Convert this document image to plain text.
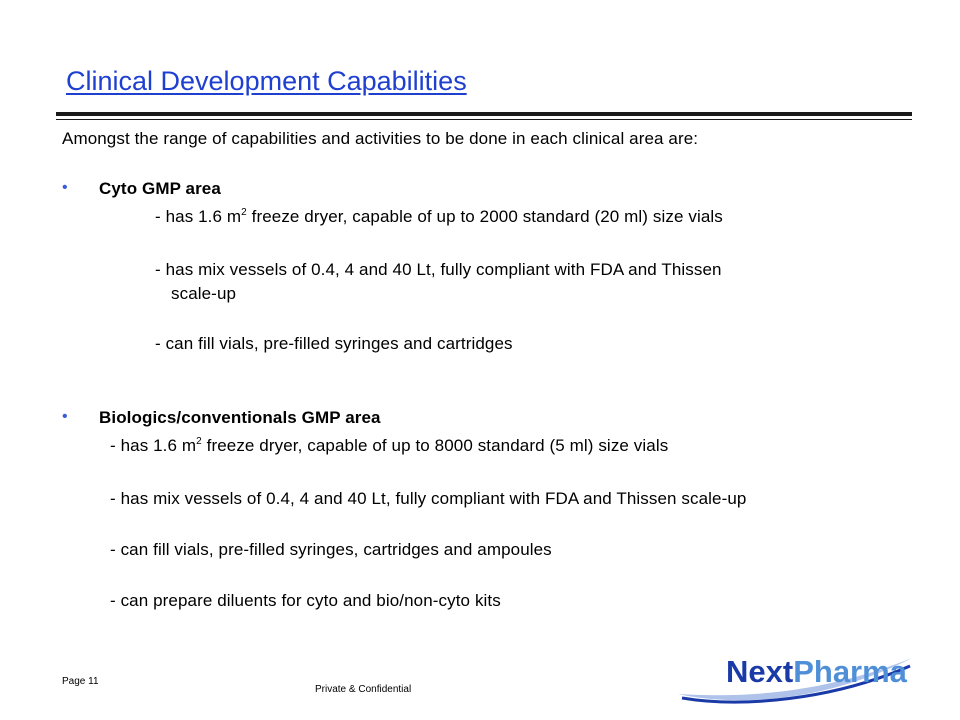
Clinical Development Capabilities
Amongst the range of capabilities and activities to be done in each clinical area are:
• Cyto GMP area
- has 1.6 $m^2$ freeze dryer, capable of up to 2000 standard (20 ml) size vials
- has mix vessels of 0.4, 4 and 40 Lt, fully compliant with FDA and Thissen
scale-up
- can fill vials, pre-filled syringes and cartridges
• Biologics/conventionals GMP area
- has 1.6 $m^2$ freeze dryer, capable of up to 8000 standard (5 ml) size vials
- has mix vessels of 0.4, 4 and 40 Lt, fully compliant with FDA and Thissen scale-up
- can fill vials, pre-filled syringes, cartridges and ampoules
- can prepare diluents for cyto and bio/non-cyto kits
Page 11
Private & Confidential
NextPharma
